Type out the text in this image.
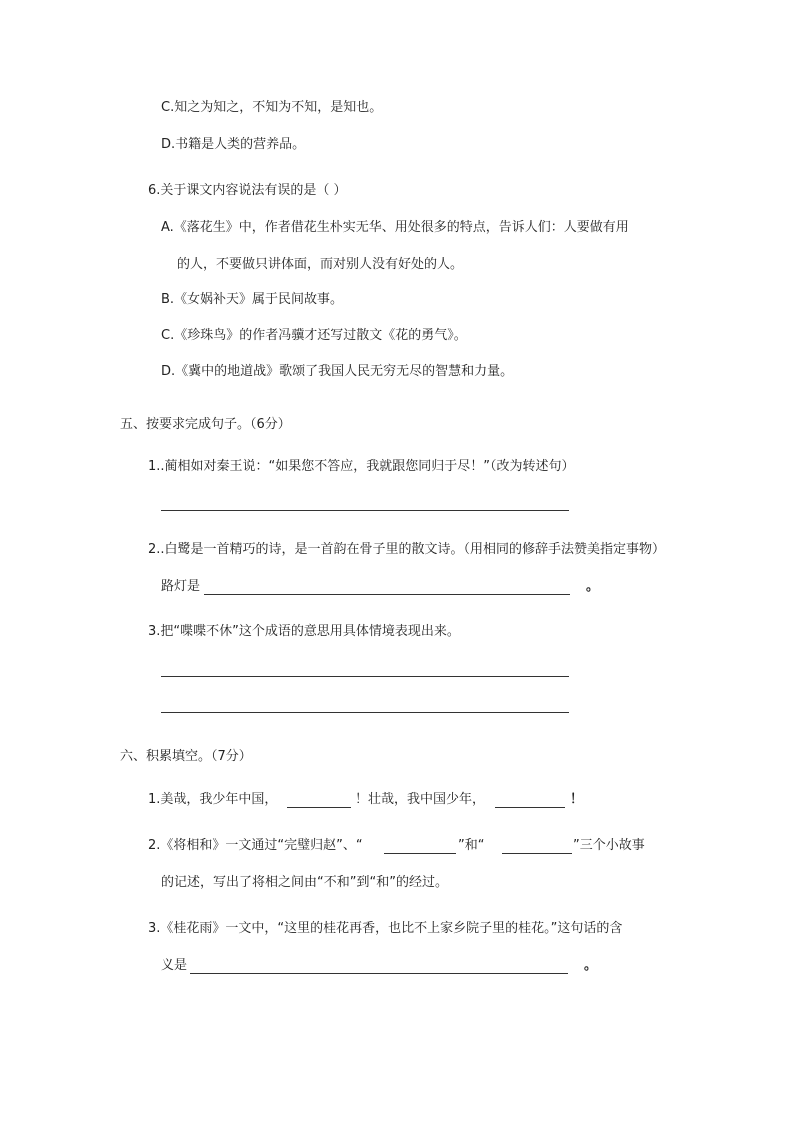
C.知之为知之，不知为不知，是知也。
D.书籍是人类的营养品。
6.关于课文内容说法有误的是（ ）
A.《落花生》中，作者借花生朴实无华、用处很多的特点，告诉人们：人要做有用
的人，不要做只讲体面，而对别人没有好处的人。
B.《女娲补天》属于民间故事。
C.《珍珠鸟》的作者冯骥才还写过散文《花的勇气》。
D.《冀中的地道战》歌颂了我国人民无穷无尽的智慧和力量。
五、按要求完成句子。（6分）
1..蔺相如对秦王说：“如果您不答应，我就跟您同归于尽！”（改为转述句）
2..白鹭是一首精巧的诗，是一首韵在骨子里的散文诗。（用相同的修辞手法赞美指定事物）
路灯是	。
3.把“喋喋不休”这个成语的意思用具体情境表现出来。
六、积累填空。（7分）
1.美哉，我少年中国，	！壮哉，我中国少年，	！
2.《将相和》一文通过“完璧归赵”、“	”和“	”三个小故事
的记述，写出了将相之间由“不和”到“和”的经过。
3.《桂花雨》一文中，“这里的桂花再香，也比不上家乡院子里的桂花。”这句话的含
义是	。
